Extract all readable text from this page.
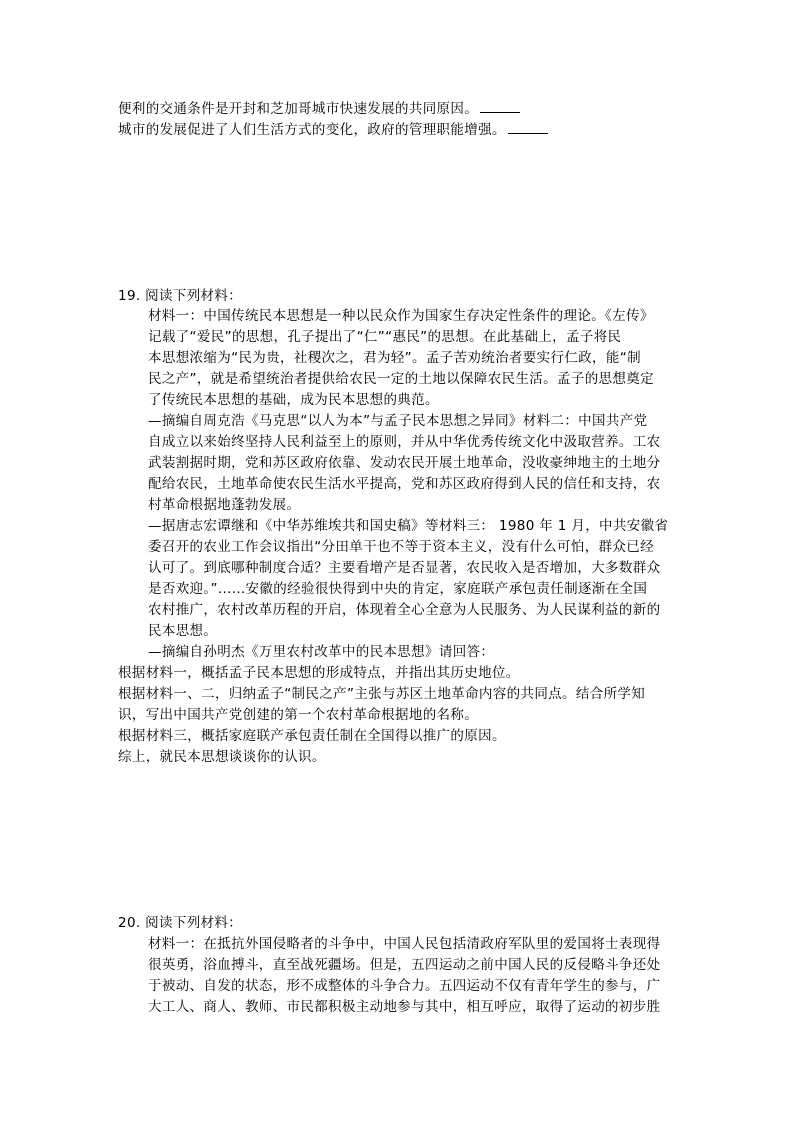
便利的交通条件是开封和芝加哥城市快速发展的共同原因。
城市的发展促进了人们生活方式的变化，政府的管理职能增强。
19. 阅读下列材料：
材料一：中国传统民本思想是一种以民众作为国家生存决定性条件的理论。《左传》
记载了“爱民”的思想，孔子提出了“仁”“惠民”的思想。在此基础上，孟子将民
本思想浓缩为“民为贵，社稷次之，君为轻”。孟子苦劝统治者要实行仁政，能“制
民之产”，就是希望统治者提供给农民一定的土地以保障农民生活。孟子的思想奠定
了传统民本思想的基础，成为民本思想的典范。
—摘编自周克浩《马克思“以人为本”与孟子民本思想之异同》材料二：中国共产党
自成立以来始终坚持人民利益至上的原则，并从中华优秀传统文化中汲取营养。工农
武装割据时期，党和苏区政府依靠、发动农民开展土地革命，没收豪绅地主的土地分
配给农民，土地革命使农民生活水平提高，党和苏区政府得到人民的信任和支持，农
村革命根据地蓬勃发展。
—据唐志宏谭继和《中华苏维埃共和国史稿》等材料三： 1980 年 1 月，中共安徽省
委召开的农业工作会议指出“分田单干也不等于资本主义，没有什么可怕，群众已经
认可了。到底哪种制度合适？主要看增产是否显著，农民收入是否增加，大多数群众
是否欢迎。”……安徽的经验很快得到中央的肯定，家庭联产承包责任制逐渐在全国
农村推广，农村改革历程的开启，体现着全心全意为人民服务、为人民谋利益的新的
民本思想。
—摘编自孙明杰《万里农村改革中的民本思想》请回答：
根据材料一，概括孟子民本思想的形成特点，并指出其历史地位。
根据材料一、二，归纳孟子“制民之产”主张与苏区土地革命内容的共同点。结合所学知
识，写出中国共产党创建的第一个农村革命根据地的名称。
根据材料三，概括家庭联产承包责任制在全国得以推广的原因。
综上，就民本思想谈谈你的认识。
20. 阅读下列材料：
材料一：在抵抗外国侵略者的斗争中，中国人民包括清政府军队里的爱国将士表现得
很英勇，浴血搏斗，直至战死疆场。但是，五四运动之前中国人民的反侵略斗争还处
于被动、自发的状态，形不成整体的斗争合力。五四运动不仅有青年学生的参与，广
大工人、商人、教师、市民都积极主动地参与其中，相互呼应，取得了运动的初步胜
